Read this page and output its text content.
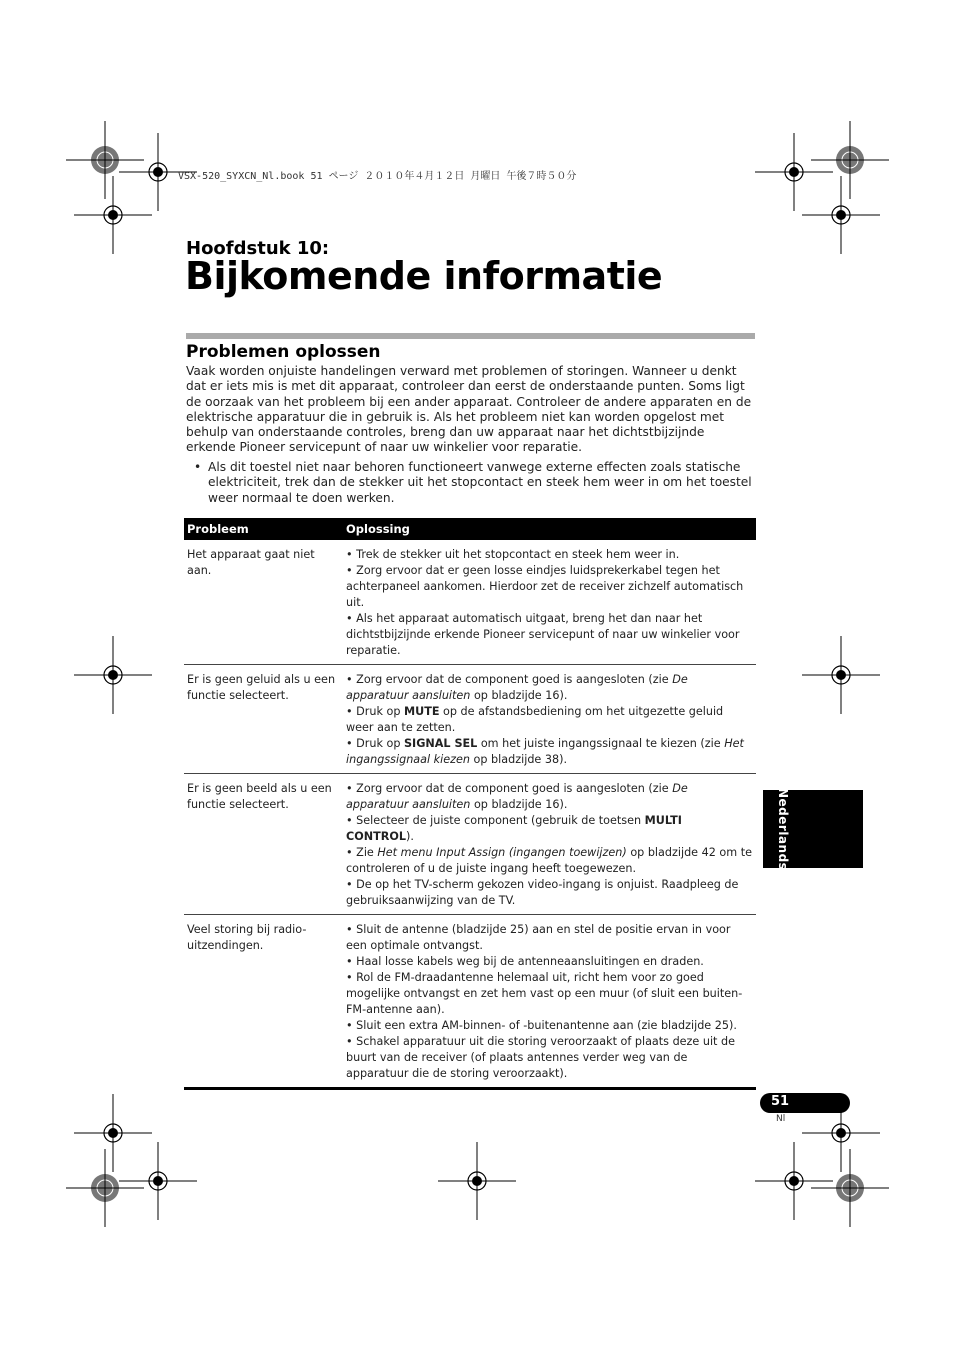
VSX-520_SYXCN_Nl.book 51 ページ ２０１０年４月１２日 月曜日 午後７時５０分
Hoofdstuk 10:
Bijkomende informatie
Problemen oplossen

Vaak worden onjuiste handelingen verward met problemen of storingen. Wanneer u denkt dat er iets mis is met dit apparaat, controleer dan eerst de onderstaande punten. Soms ligt de oorzaak van het probleem bij een ander apparaat. Controleer de andere apparaten en de elektrische apparatuur die in gebruik is. Als het probleem niet kan worden opgelost met behulp van onderstaande controles, breng dan uw apparaat naar het dichtstbijzijnde erkende Pioneer servicepunt of naar uw winkelier voor reparatie.

• Als dit toestel niet naar behoren functioneert vanwege externe effecten zoals statische elektriciteit, trek dan de stekker uit het stopcontact en steek hem weer in om het toestel weer normaal te doen werken.
Probleem	Oplossing
Het apparaat gaat niet aan.	• Trek de stekker uit het stopcontact en steek hem weer in.

• Zorg ervoor dat er geen losse eindjes luidsprekerkabel tegen het achterpaneel aankomen. Hierdoor zet de receiver zichzelf automatisch uit.

• Als het apparaat automatisch uitgaat, breng het dan naar het dichtstbijzijnde erkende Pioneer servicepunt of naar uw winkelier voor reparatie.

Er is geen geluid als u een functie selecteert.	• Zorg ervoor dat de component goed is aangesloten (zie De apparatuur aansluiten op bladzijde 16).

• Druk op MUTE op de afstandsbediening om het uitgezette geluid weer aan te zetten.

• Druk op SIGNAL SEL om het juiste ingangssignaal te kiezen (zie Het ingangssignaal kiezen op bladzijde 38).

Er is geen beeld als u een functie selecteert.	• Zorg ervoor dat de component goed is aangesloten (zie De apparatuur aansluiten op bladzijde 16).

• Selecteer de juiste component (gebruik de toetsen MULTI CONTROL).

• Zie Het menu Input Assign (ingangen toewijzen) op bladzijde 42 om te controleren of u de juiste ingang heeft toegewezen.

• De op het TV-scherm gekozen video-ingang is onjuist. Raadpleeg de gebruiksaanwijzing van de TV.

Veel storing bij radio-uitzendingen.	• Sluit de antenne (bladzijde 25) aan en stel de positie ervan in voor een optimale ontvangst.

• Haal losse kabels weg bij de antenneaansluitingen en draden.

• Rol de FM-draadantenne helemaal uit, richt hem voor zo goed mogelijke ontvangst en zet hem vast op een muur (of sluit een buiten-FM-antenne aan).

• Sluit een extra AM-binnen- of -buitenantenne aan (zie bladzijde 25).

• Schakel apparatuur uit die storing veroorzaakt of plaats deze uit de buurt van de receiver (of plaats antennes verder weg van de apparatuur die de storing veroorzaakt).

Nederlands
51
Nl
